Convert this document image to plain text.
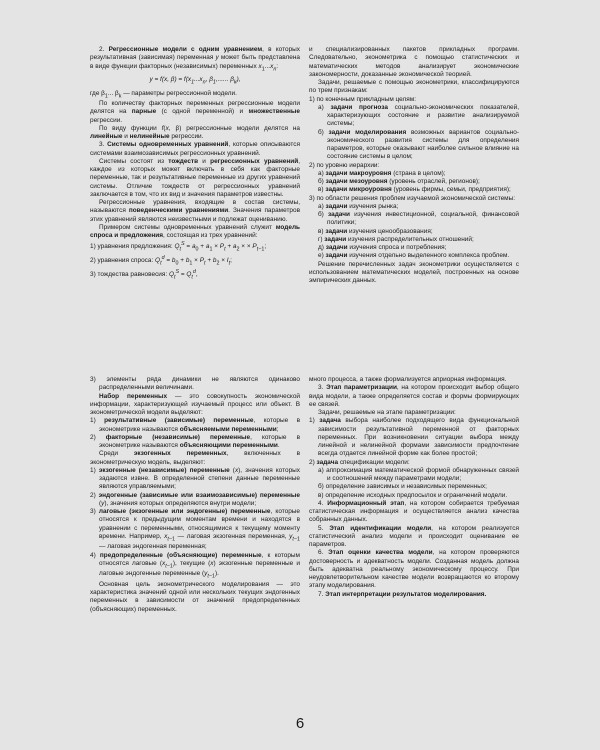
2. Регрессионные модели с одним уравнением, в которых результативная (зависимая) переменная y может быть представлена в виде функции факторных (независимых) переменных $x_1...x_n$:

y = f(x, $\beta) = f(x_1...x_n$, $\beta_1$,...... $\beta_k$),

где $\beta_1$... $\beta_k$ — параметры регрессионной модели.

По количеству факторных переменных регрессионные модели делятся на парные (с одной переменной) и множественные регрессии.

По виду функции f(x, β) регрессионные модели делятся на линейные и нелинейные регрессии.

3. Системы одновременных уравнений, которые описываются системами взаимозависимых регрессионных уравнений.

Системы состоят из тождеств и регрессионных уравнений, каждое из которых может включать в себя как факторные переменные, так и результативные переменные из других уравнений системы. Отличие тождеств от регрессионных уравнений заключается в том, что их вид и значения параметров известны.

Регрессионные уравнения, входящие в состав системы, называются поведенческими уравнениями. Значения параметров этих уравнений являются неизвестными и подлежат оцениванию.

Примером системы одновременных уравнений служит модель спроса и предложения, состоящая из трех уравнений:

1) уравнения предложения: $Q_t^S = a_0 + a_1 \times P_t + a_2$ × × $P_{t-1}$;

2) уравнения спроса: $Q_t^d = b_0 + b_1 \times P_t + b_2 \times I_t$;

3) тождества равновесия: $Q_t^S = Q_t^d$,

и специализированных пакетов прикладных программ. Следовательно, эконометрика с помощью статистических и математических методов анализирует экономические закономерности, доказанные экономической теорией.

Задачи, решаемые с помощью эконометрики, классифицируются по трем признакам:

1) по конечным прикладным целям:

а) задачи прогноза социально-экономических показателей, характеризующих состояние и развитие анализируемой системы;

б) задачи моделирования возможных вариантов социально-экономического развития системы для определения параметров, которые оказывают наиболее сильное влияние на состояние системы в целом;

2) по уровню иерархии:

а) задачи макроуровня (страна в целом);

б) задачи мезоуровня (уровень отраслей, регионов);

в) задачи микроуровня (уровень фирмы, семьи, предприятия);

3) по области решения проблем изучаемой экономической системы:

а) задачи изучения рынка;

б) задачи изучения инвестиционной, социальной, финансовой политики;

в) задачи изучения ценообразования;

г) задачи изучения распределительных отношений;

д) задачи изучения спроса и потребления;

е) задачи изучения отдельно выделенного комплекса проблем.

Решение перечисленных задач эконометрики осуществляется с использованием математических моделей, построенных на основе эмпирических данных.

3) элементы ряда динамики не являются одинаково распределенными величинами.

Набор переменных — это совокупность экономической информации, характеризующей изучаемый процесс или объект. В эконометрической модели выделяют:

1) результативные (зависимые) переменные, которые в эконометрике называются объясняемыми переменными;

2) факторные (независимые) переменные, которые в эконометрике называются объясняющими переменными.

Среди экзогенных переменных, включенных в эконометрическую модель, выделяют:

1) экзогенные (независимые) переменные (x), значения которых задаются извне. В определенной степени данные переменные являются управляемыми;

2) эндогенные (зависимые или взаимозависимые) переменные (y), значения которых определяются внутри модели;

3) лаговые (экзогенные или эндогенные) переменные, которые относятся к предыдущим моментам времени и находятся в уравнении с переменными, относящимися к текущему моменту времени. Например, $x_{t-1}$ — лаговая экзогенная переменная, $y_{t-1}$ — лаговая эндогенная переменная;

4) предопределенные (объясняющие) переменные, к которым относятся лаговые $(x_{t-1})$, текущие (x) экзогенные переменные и лаговые эндогенные переменные $(y_{t-1})$.

Основная цель эконометрического моделирования — это характеристика значений одной или нескольких текущих эндогенных переменных в зависимости от значений предопределенных (объясняющих) переменных.

много процесса, а также формализуется априорная информация.

3. Этап параметризации, на котором происходит выбор общего вида модели, а также определяется состав и формы формирующих ее связей.

Задачи, решаемые на этапе параметризации:

1) задача выбора наиболее подходящего вида функциональной зависимости результативной переменной от факторных переменных. При возникновении ситуации выбора между линейной и нелинейной формами зависимости предпочтение всегда отдается линейной форме как более простой;

2) задача спецификации модели:

а) аппроксимация математической формой обнаруженных связей и соотношений между параметрами модели;

б) определение зависимых и независимых переменных;

в) определение исходных предпосылок и ограничений модели.

4. Информационный этап, на котором собирается требуемая статистическая информация и осуществляется анализ качества собранных данных.

5. Этап идентификации модели, на котором реализуется статистический анализ модели и происходит оценивание ее параметров.

6. Этап оценки качества модели, на котором проверяются достоверность и адекватность модели. Созданная модель должна быть адекватна реальному экономическому процессу. При неудовлетворительном качестве модели возвращаются ко второму этапу моделирования.

7. Этап интерпретации результатов моделирования.

6
